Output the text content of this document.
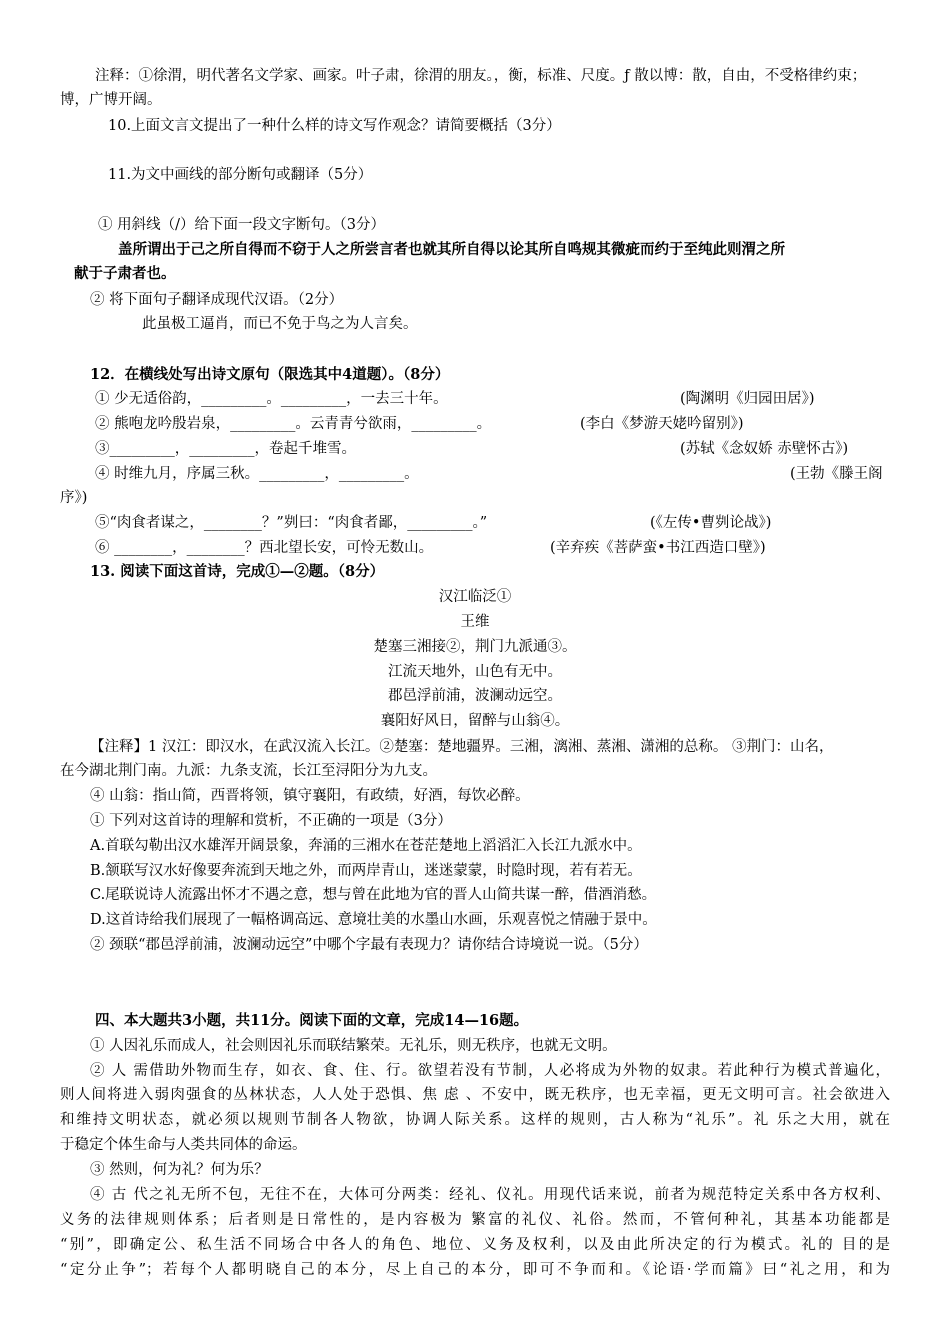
注释：①徐渭，明代著名文学家、画家。叶子肃，徐渭的朋友。，衡，标准、尺度。ƒ 散以博：散，自由，不受格律约束；
博，广博开阔。
10.上面文言文提出了一种什么样的诗文写作观念？请简要概括（3分）
11.为文中画线的部分断句或翻译（5分）
① 用斜线（/）给下面一段文字断句。（3分）
盖所谓出于己之所自得而不窃于人之所尝言者也就其所自得以论其所自鸣规其微疵而约于至纯此则渭之所
献于子肃者也。
② 将下面句子翻译成现代汉语。（2分）
此虽极工逼肖，而已不免于鸟之为人言矣。
12．在横线处写出诗文原句（限选其中4道题）。（8分）
① 少无适俗韵，_________。_________，一去三十年。	(陶渊明《归园田居》)
② 熊咆龙吟殷岩泉，_________。云青青兮欲雨，_________。	(李白《梦游天姥吟留别》)
③_________，_________，卷起千堆雪。	(苏轼《念奴娇 赤壁怀古》)
④ 时维九月，序属三秋。_________，_________。	(王勃《滕王阁
序》)
⑤“肉食者谋之，________？”刿曰：“肉食者鄙，_________。”	(《左传•曹刿论战》)
⑥ ________，________？西北望长安，可怜无数山。	(辛弃疾《菩萨蛮•书江西造口壁》)
13. 阅读下面这首诗，完成①—②题。（8分）
汉江临泛①
王维
楚塞三湘接②，荆门九派通③。
江流天地外，山色有无中。
郡邑浮前浦，波澜动远空。
襄阳好风日，留醉与山翁④。
【注释】1 汉江：即汉水，在武汉流入长江。②楚塞：楚地疆界。三湘，漓湘、蒸湘、潇湘的总称。 ③荆门：山名，
在今湖北荆门南。九派：九条支流，长江至浔阳分为九支。
④ 山翁：指山简，西晋将领，镇守襄阳，有政绩，好酒，每饮必醉。
① 下列对这首诗的理解和赏析，不正确的一项是（3分）
A.首联勾勒出汉水雄浑开阔景象，奔涌的三湘水在苍茫楚地上滔滔汇入长江九派水中。
B.颔联写汉水好像要奔流到天地之外，而两岸青山，迷迷蒙蒙，时隐时现，若有若无。
C.尾联说诗人流露出怀才不遇之意，想与曾在此地为官的晋人山简共谋一醉，借酒消愁。
D.这首诗给我们展现了一幅格调高远、意境壮美的水墨山水画，乐观喜悦之情融于景中。
② 颈联“郡邑浮前浦，波澜动远空”中哪个字最有表现力？请你结合诗境说一说。（5分）
四、本大题共3小题，共11分。阅读下面的文章，完成14—16题。
① 人因礼乐而成人，社会则因礼乐而联结繁荣。无礼乐，则无秩序，也就无文明。
② 人 需借助外物而生存，如衣、食、住、行。欲望若没有节制，人必将成为外物的奴隶。若此种行为模式普遍化，
则人间将进入弱肉强食的丛林状态，人人处于恐惧、焦 虑 、不安中，既无秩序，也无幸福，更无文明可言。社会欲进入
和维持文明状态，就必须以规则节制各人物欲，协调人际关系。这样的规则，古人称为“礼乐”。礼 乐之大用，就在
于稳定个体生命与人类共同体的命运。
③ 然则，何为礼？何为乐？
④ 古 代之礼无所不包，无往不在，大体可分两类：经礼、仪礼。用现代话来说，前者为规范特定关系中各方权利、
义务的法律规则体系；后者则是日常性的，是内容极为 繁富的礼仪、礼俗。然而，不管何种礼，其基本功能都是
“别”，即确定公、私生活不同场合中各人的角色、地位、义务及权利，以及由此所决定的行为模式。礼的 目的是
“定分止争”；若每个人都明晓自己的本分，尽上自己的本分，即可不争而和。《论语·学而篇》曰“礼之用，和为
